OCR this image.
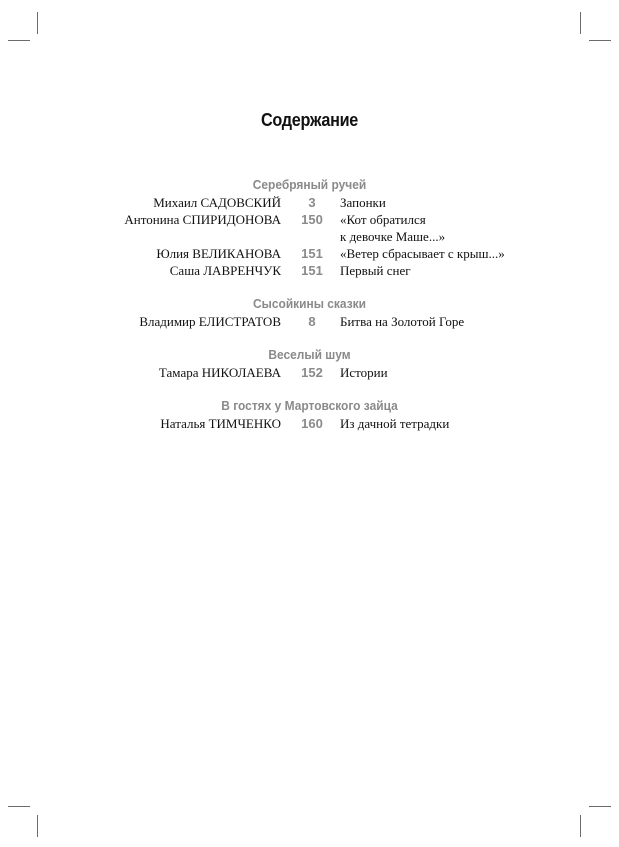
Содержание
Серебряный ручей
Михаил САДОВСКИЙ	3	Запонки
Антонина СПИРИДОНОВА	150	«Кот обратился
к девочке Маше...»
Юлия ВЕЛИКАНОВА	151	«Ветер сбрасывает с крыш...»
Саша ЛАВРЕНЧУК	151	Первый снег
Сысойкины сказки
Владимир ЕЛИСТРАТОВ	8	Битва на Золотой Горе
Веселый шум
Тамара НИКОЛАЕВА	152	Истории
В гостях у Мартовского зайца
Наталья ТИМЧЕНКО	160	Из дачной тетрадки
